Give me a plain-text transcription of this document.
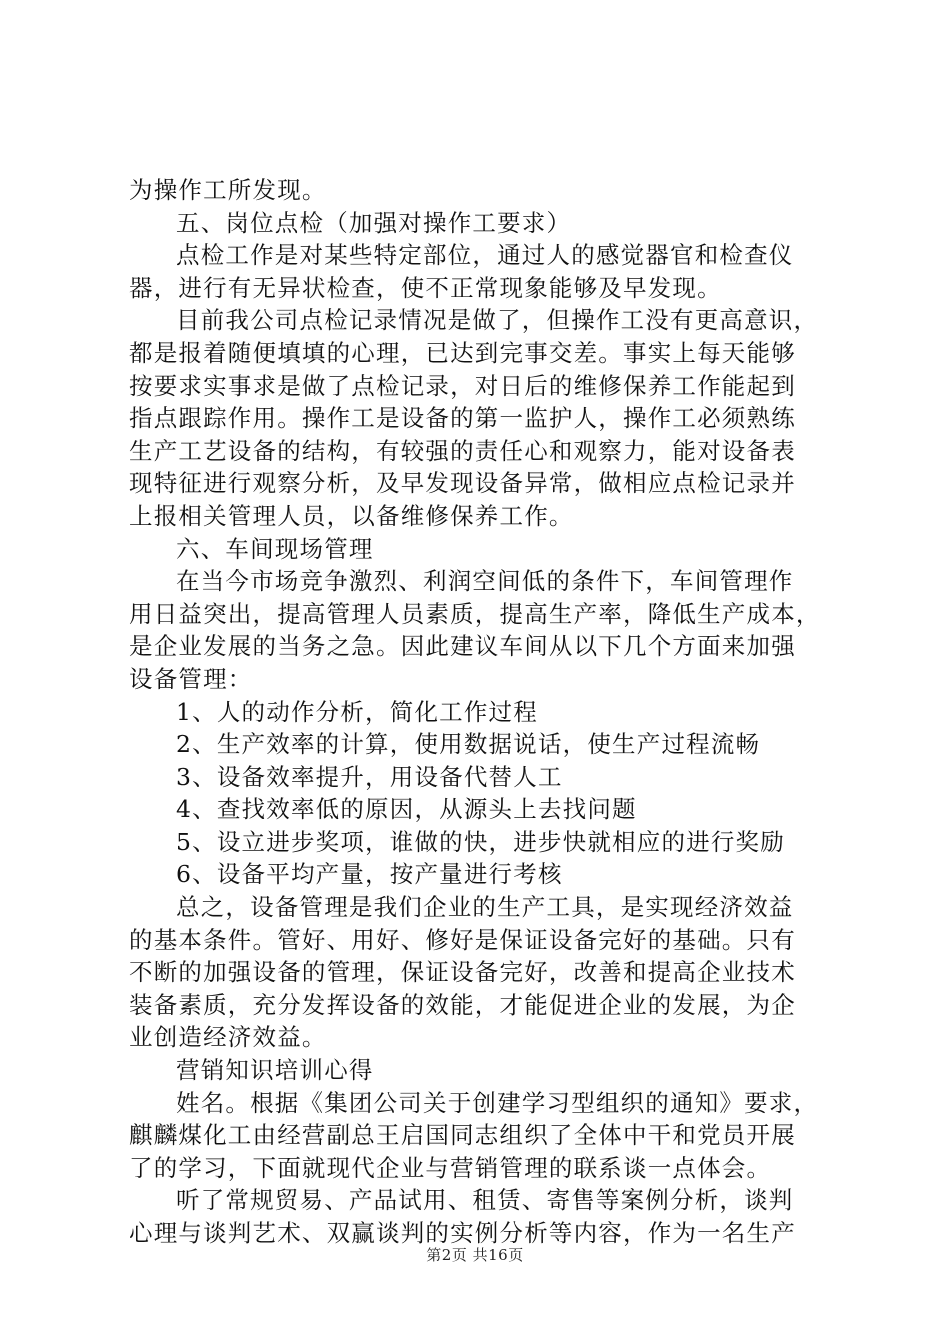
为操作工所发现。
五、岗位点检（加强对操作工要求）
点检工作是对某些特定部位，通过人的感觉器官和检查仪
器，进行有无异状检查，使不正常现象能够及早发现。
目前我公司点检记录情况是做了，但操作工没有更高意识，
都是报着随便填填的心理，已达到完事交差。事实上每天能够
按要求实事求是做了点检记录，对日后的维修保养工作能起到
指点跟踪作用。操作工是设备的第一监护人，操作工必须熟练
生产工艺设备的结构，有较强的责任心和观察力，能对设备表
现特征进行观察分析，及早发现设备异常，做相应点检记录并
上报相关管理人员，以备维修保养工作。
六、车间现场管理
在当今市场竞争激烈、利润空间低的条件下，车间管理作
用日益突出，提高管理人员素质，提高生产率，降低生产成本，
是企业发展的当务之急。因此建议车间从以下几个方面来加强
设备管理：
1、人的动作分析，简化工作过程
2、生产效率的计算，使用数据说话，使生产过程流畅
3、设备效率提升，用设备代替人工
4、查找效率低的原因，从源头上去找问题
5、设立进步奖项，谁做的快，进步快就相应的进行奖励
6、设备平均产量，按产量进行考核
总之，设备管理是我们企业的生产工具，是实现经济效益
的基本条件。管好、用好、修好是保证设备完好的基础。只有
不断的加强设备的管理，保证设备完好，改善和提高企业技术
装备素质，充分发挥设备的效能，才能促进企业的发展，为企
业创造经济效益。
营销知识培训心得
姓名。根据《集团公司关于创建学习型组织的通知》要求，
麒麟煤化工由经营副总王启国同志组织了全体中干和党员开展
了的学习，下面就现代企业与营销管理的联系谈一点体会。
听了常规贸易、产品试用、租赁、寄售等案例分析，谈判
心理与谈判艺术、双赢谈判的实例分析等内容，作为一名生产
第2页 共16页
